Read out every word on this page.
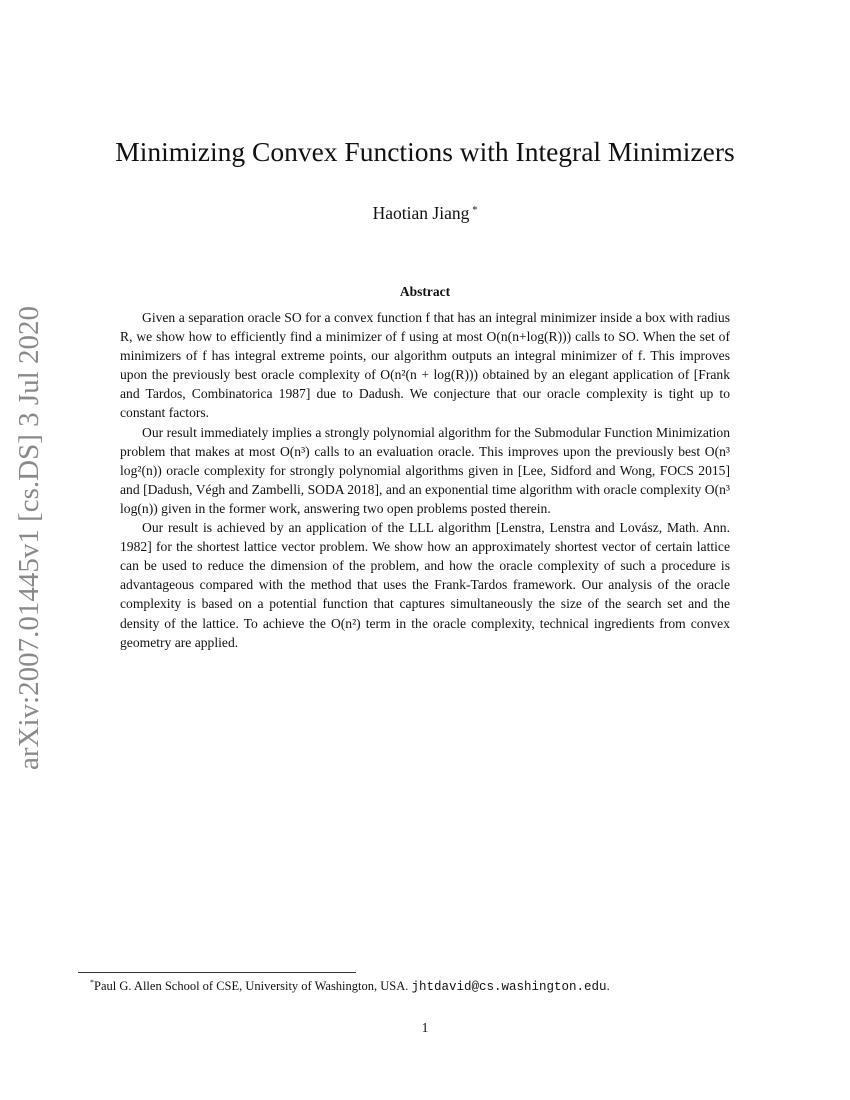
arXiv:2007.01445v1 [cs.DS] 3 Jul 2020
Minimizing Convex Functions with Integral Minimizers
Haotian Jiang *
Abstract

Given a separation oracle SO for a convex function f that has an integral minimizer inside a box with radius R, we show how to efficiently find a minimizer of f using at most O(n(n+log(R))) calls to SO. When the set of minimizers of f has integral extreme points, our algorithm outputs an integral minimizer of f. This improves upon the previously best oracle complexity of O(n²(n + log(R))) obtained by an elegant application of [Frank and Tardos, Combinatorica 1987] due to Dadush. We conjecture that our oracle complexity is tight up to constant factors.

Our result immediately implies a strongly polynomial algorithm for the Submodular Function Minimization problem that makes at most O(n³) calls to an evaluation oracle. This improves upon the previously best O(n³ log²(n)) oracle complexity for strongly polynomial algorithms given in [Lee, Sidford and Wong, FOCS 2015] and [Dadush, Végh and Zambelli, SODA 2018], and an exponential time algorithm with oracle complexity O(n³ log(n)) given in the former work, answering two open problems posted therein.

Our result is achieved by an application of the LLL algorithm [Lenstra, Lenstra and Lovász, Math. Ann. 1982] for the shortest lattice vector problem. We show how an approximately shortest vector of certain lattice can be used to reduce the dimension of the problem, and how the oracle complexity of such a procedure is advantageous compared with the method that uses the Frank-Tardos framework. Our analysis of the oracle complexity is based on a potential function that captures simultaneously the size of the search set and the density of the lattice. To achieve the O(n²) term in the oracle complexity, technical ingredients from convex geometry are applied.

*Paul G. Allen School of CSE, University of Washington, USA. jhtdavid@cs.washington.edu.
1
